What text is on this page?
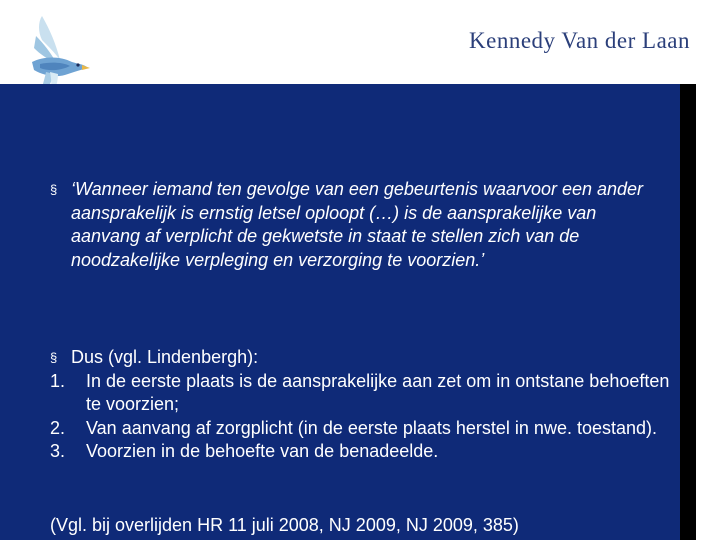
Kennedy Van der Laan
§ ‘Wanneer iemand ten gevolge van een gebeurtenis waarvoor een ander aansprakelijk is ernstig letsel oploopt (…) is de aansprakelijke van aanvang af verplicht de gekwetste in staat te stellen zich van de noodzakelijke verpleging en verzorging te voorzien.’
§ Dus (vgl. Lindenbergh):
1. In de eerste plaats is de aansprakelijke aan zet om in ontstane behoeften te voorzien;
2. Van aanvang af zorgplicht (in de eerste plaats herstel in nwe. toestand).
3. Voorzien in de behoefte van de benadeelde.
(Vgl. bij overlijden HR 11 juli 2008, NJ 2009, NJ 2009, 385)
